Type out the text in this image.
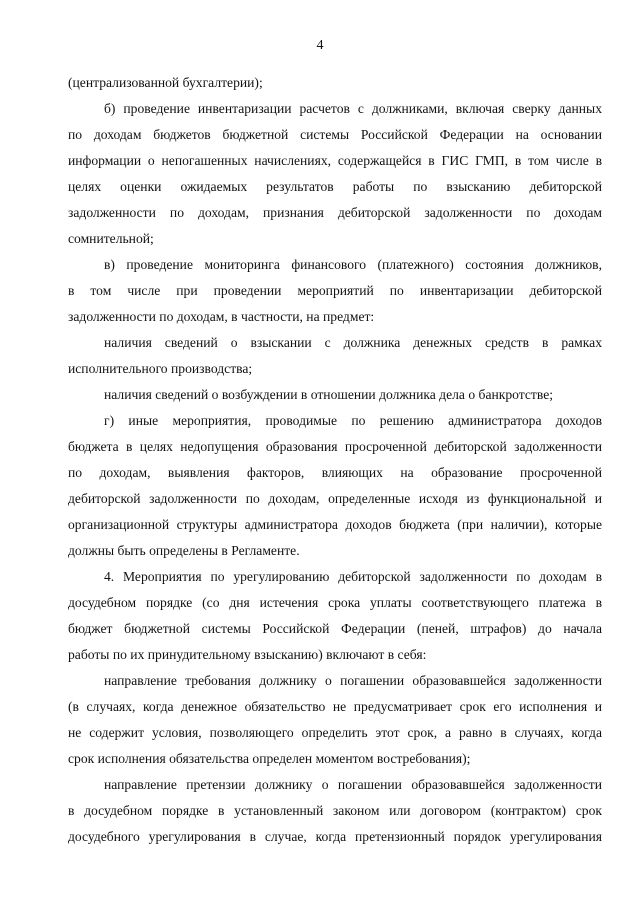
4
(централизованной бухгалтерии);
б) проведение инвентаризации расчетов с должниками, включая сверку данных
по доходам бюджетов бюджетной системы Российской Федерации на основании
информации о непогашенных начислениях, содержащейся в ГИС ГМП, в том числе в
целях оценки ожидаемых результатов работы по взысканию дебиторской
задолженности по доходам, признания дебиторской задолженности по доходам
сомнительной;
в) проведение мониторинга финансового (платежного) состояния должников,
в том числе при проведении мероприятий по инвентаризации дебиторской
задолженности по доходам, в частности, на предмет:
наличия сведений о взыскании с должника денежных средств в рамках
исполнительного производства;
наличия сведений о возбуждении в отношении должника дела о банкротстве;
г) иные мероприятия, проводимые по решению администратора доходов
бюджета в целях недопущения образования просроченной дебиторской задолженности
по доходам, выявления факторов, влияющих на образование просроченной
дебиторской задолженности по доходам, определенные исходя из функциональной и
организационной структуры администратора доходов бюджета (при наличии), которые
должны быть определены в Регламенте.
4. Мероприятия по урегулированию дебиторской задолженности по доходам в
досудебном порядке (со дня истечения срока уплаты соответствующего платежа в
бюджет бюджетной системы Российской Федерации (пеней, штрафов) до начала
работы по их принудительному взысканию) включают в себя:
направление требования должнику о погашении образовавшейся задолженности
(в случаях, когда денежное обязательство не предусматривает срок его исполнения и
не содержит условия, позволяющего определить этот срок, а равно в случаях, когда
срок исполнения обязательства определен моментом востребования);
направление претензии должнику о погашении образовавшейся задолженности
в досудебном порядке в установленный законом или договором (контрактом) срок
досудебного урегулирования в случае, когда претензионный порядок урегулирования
